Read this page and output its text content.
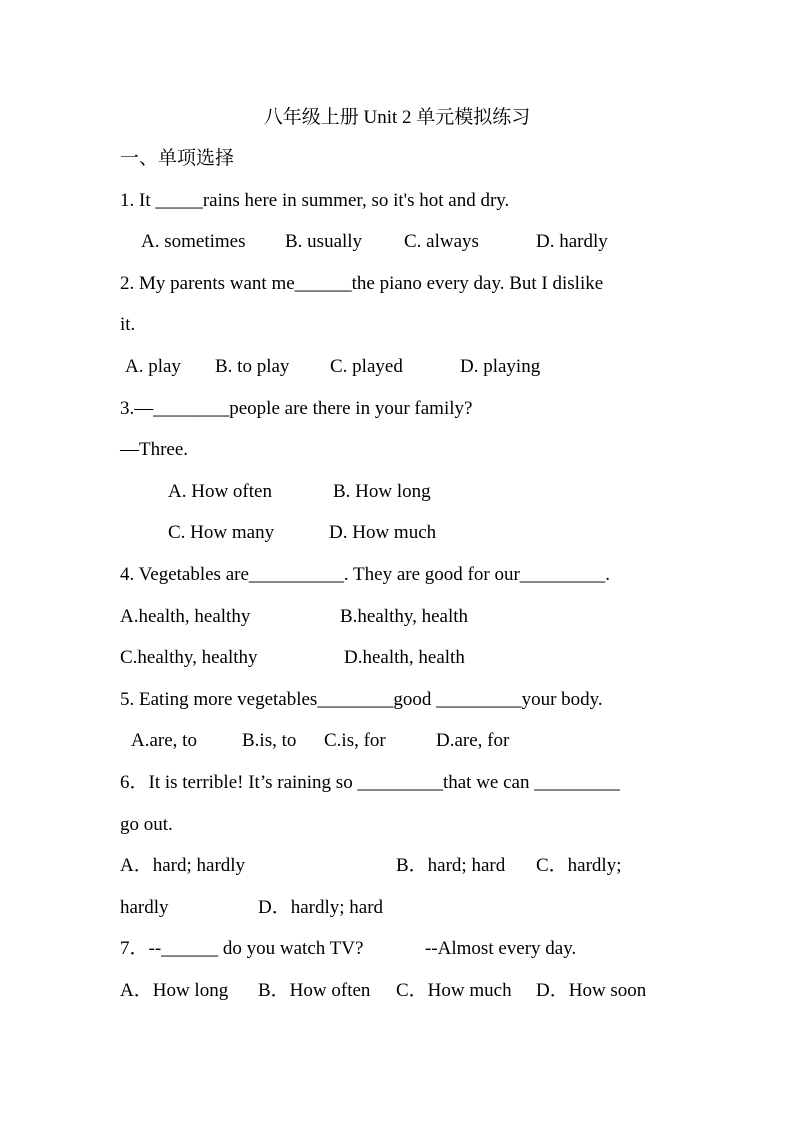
八年级上册 Unit 2 单元模拟练习
一、单项选择
1. It _____rains here in summer, so it's hot and dry.
A. sometimes B. usually C. always	D. hardly
2. My parents want me______the piano every day. But I dislike
it.
A. play B. to play C. played	D. playing
3.—________people are there in your family?
—Three.
A. How often	B. How long
C. How many	D. How much
4. Vegetables are__________. They are good for our_________.
A.health, healthy	B.healthy, health
C.healthy, healthy	D.health, health
5. Eating more vegetables________good _________your body.
A.are, to B.is, to C.is, for	D.are, for
6．It is terrible! It’s raining so _________that we can _________
go out.
A．hard; hardly	B．hard; hard C．hardly;
hardly	D．hardly; hard
7．--______ do you watch TV?	--Almost every day.
A．How long B．How often C．How much D．How soon
